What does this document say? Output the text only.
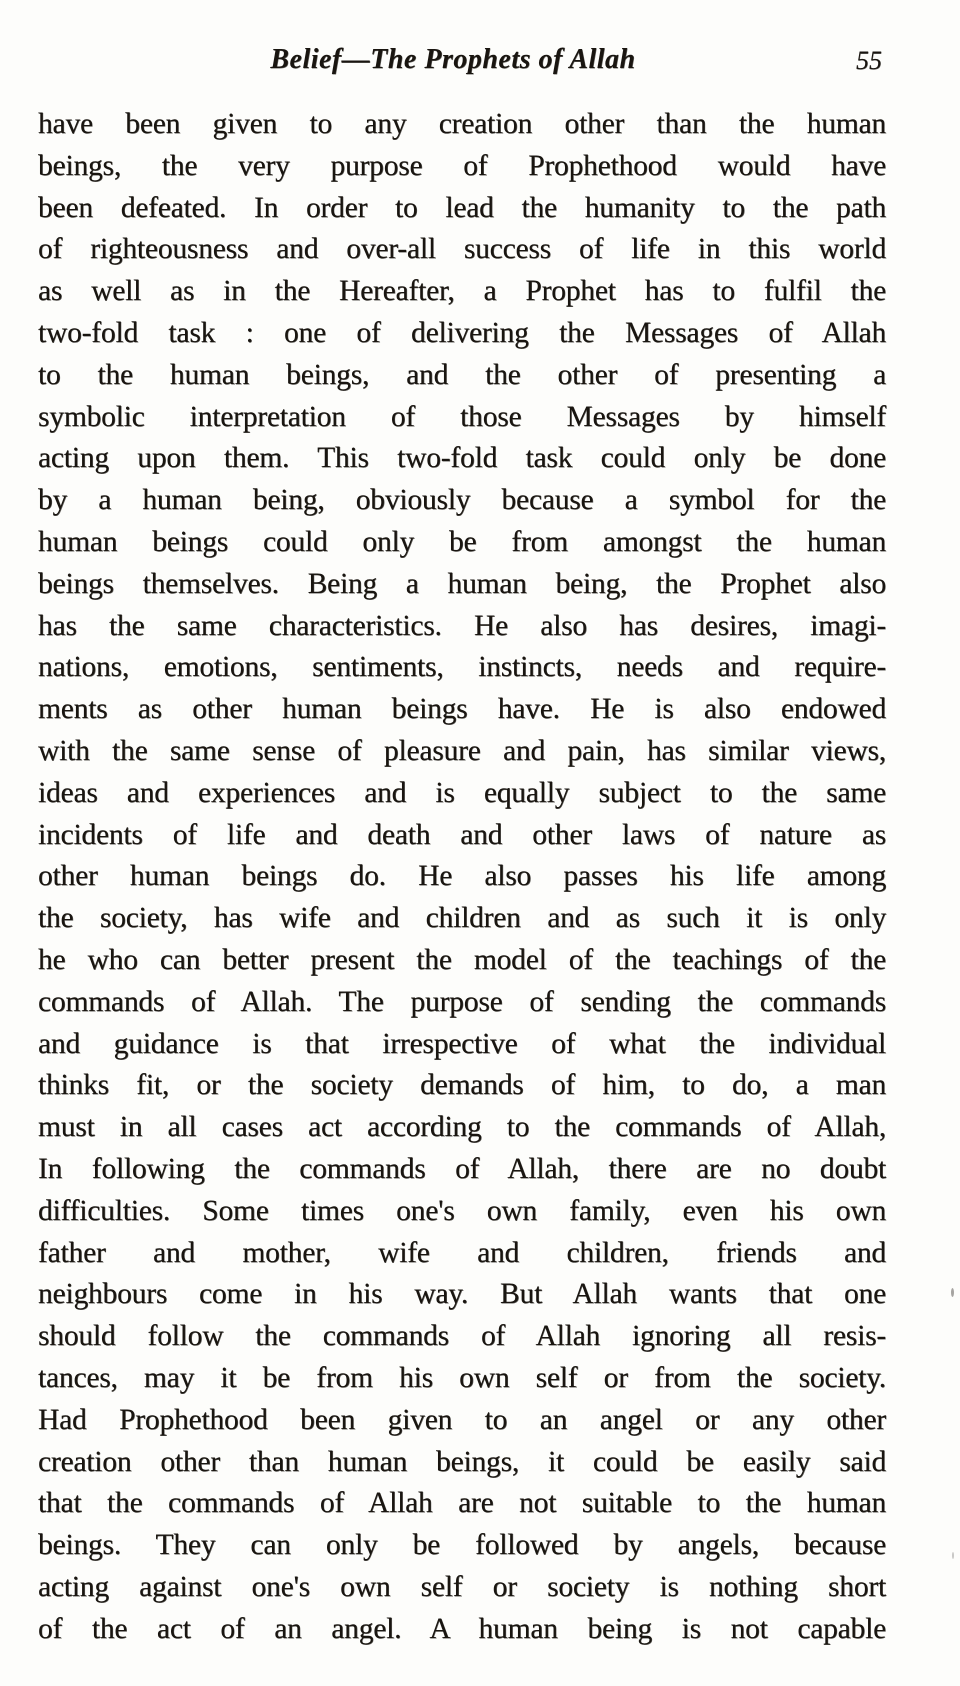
Belief—The Prophets of Allah	55
have been given to any creation other than the human
beings, the very purpose of Prophethood would have
been defeated. In order to lead the humanity to the path
of righteousness and over-all success of life in this world
as well as in the Hereafter, a Prophet has to fulfil the
two-fold task : one of delivering the Messages of Allah
to the human beings, and the other of presenting a
symbolic interpretation of those Messages by himself
acting upon them. This two-fold task could only be done
by a human being, obviously because a symbol for the
human beings could only be from amongst the human
beings themselves. Being a human being, the Prophet also
has the same characteristics. He also has desires, imagi-
nations, emotions, sentiments, instincts, needs and require-
ments as other human beings have. He is also endowed
with the same sense of pleasure and pain, has similar views,
ideas and experiences and is equally subject to the same
incidents of life and death and other laws of nature as
other human beings do. He also passes his life among
the society, has wife and children and as such it is only
he who can better present the model of the teachings of the
commands of Allah. The purpose of sending the commands
and guidance is that irrespective of what the individual
thinks fit, or the society demands of him, to do, a man
must in all cases act according to the commands of Allah,
In following the commands of Allah, there are no doubt
difficulties. Some times one's own family, even his own
father and mother, wife and children, friends and
neighbours come in his way. But Allah wants that one
should follow the commands of Allah ignoring all resis-
tances, may it be from his own self or from the society.
Had Prophethood been given to an angel or any other
creation other than human beings, it could be easily said
that the commands of Allah are not suitable to the human
beings. They can only be followed by angels, because
acting against one's own self or society is nothing short
of the act of an angel. A human being is not capable
